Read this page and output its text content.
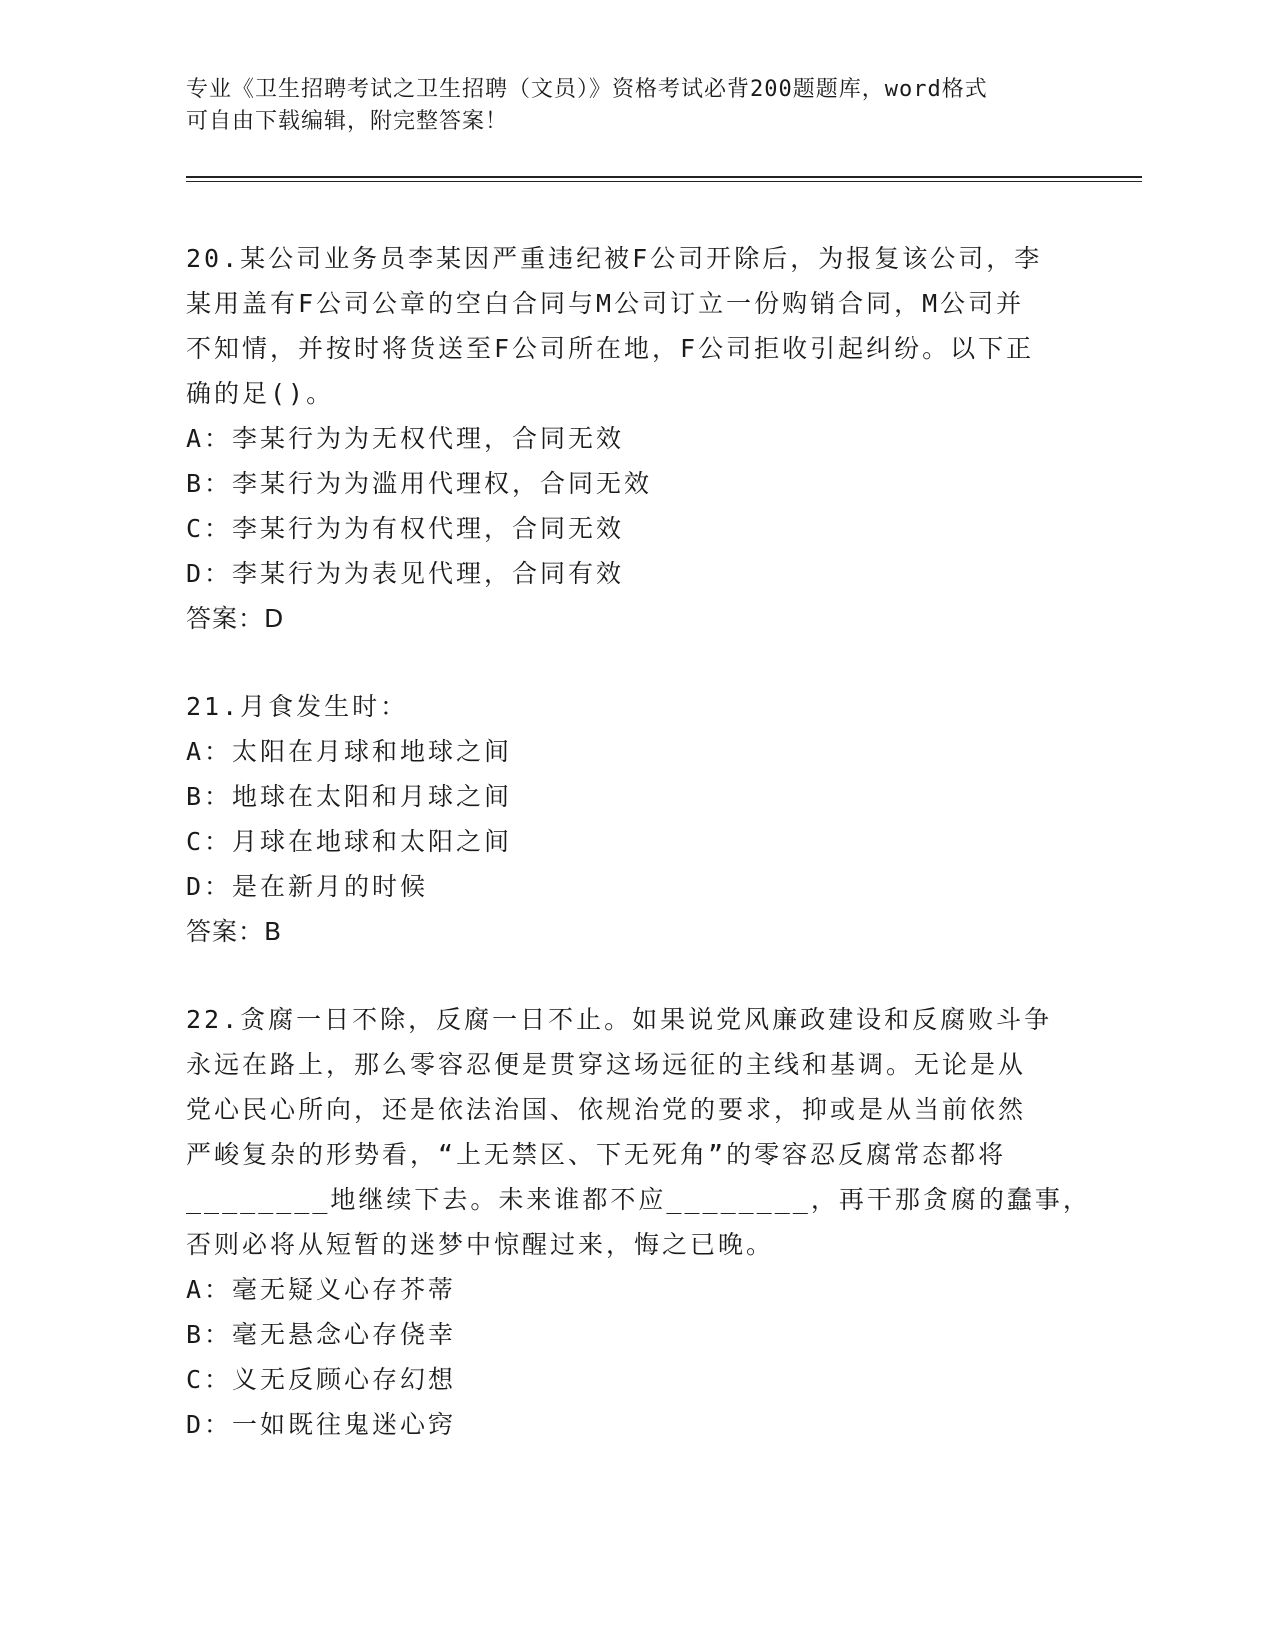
专业《卫生招聘考试之卫生招聘（文员）》资格考试必背200题题库，word格式
可自由下载编辑，附完整答案！
20.某公司业务员李某因严重违纪被F公司开除后，为报复该公司，李
某用盖有F公司公章的空白合同与M公司订立一份购销合同，M公司并
不知情，并按时将货送至F公司所在地，F公司拒收引起纠纷。以下正
确的足()。
A：李某行为为无权代理，合同无效
B：李某行为为滥用代理权，合同无效
C：李某行为为有权代理，合同无效
D：李某行为为表见代理，合同有效
答案：D
21.月食发生时：
A：太阳在月球和地球之间
B：地球在太阳和月球之间
C：月球在地球和太阳之间
D：是在新月的时候
答案：B
22.贪腐一日不除，反腐一日不止。如果说党风廉政建设和反腐败斗争
永远在路上，那么零容忍便是贯穿这场远征的主线和基调。无论是从
党心民心所向，还是依法治国、依规治党的要求，抑或是从当前依然
严峻复杂的形势看，“上无禁区、下无死角”的零容忍反腐常态都将
________地继续下去。未来谁都不应________，再干那贪腐的蠢事，
否则必将从短暂的迷梦中惊醒过来，悔之已晚。
A：毫无疑义心存芥蒂
B：毫无悬念心存侥幸
C：义无反顾心存幻想
D：一如既往鬼迷心窍
